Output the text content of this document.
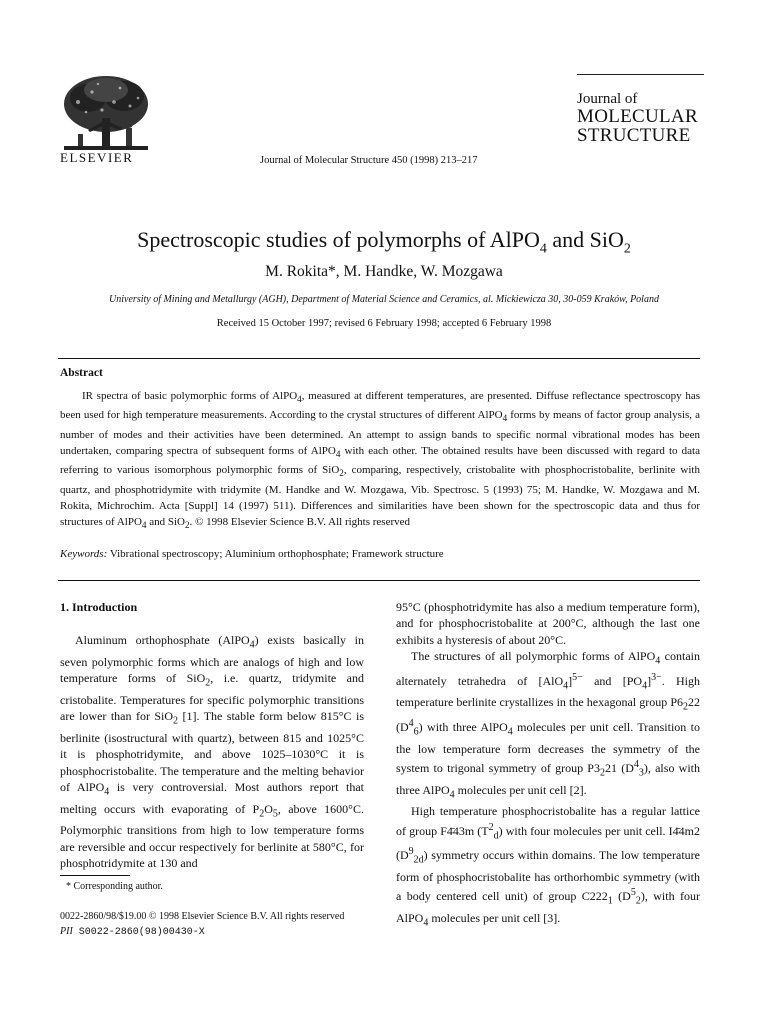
ELSEVIER	Journal of Molecular Structure 450 (1998) 213–217
Journal of
MOLECULAR
STRUCTURE
Spectroscopic studies of polymorphs of AlPO$_4$ and SiO$_2$
M. Rokita*, M. Handke, W. Mozgawa
University of Mining and Metallurgy (AGH), Department of Material Science and Ceramics, al. Mickiewicza 30, 30-059 Kraków, Poland
Received 15 October 1997; revised 6 February 1998; accepted 6 February 1998
Abstract
IR spectra of basic polymorphic forms of AlPO$_4$, measured at different temperatures, are presented. Diffuse reflectance spectroscopy has been used for high temperature measurements. According to the crystal structures of different AlPO$_4$ forms by means of factor group analysis, a number of modes and their activities have been determined. An attempt to assign bands to specific normal vibrational modes has been undertaken, comparing spectra of subsequent forms of AlPO$_4$ with each other. The obtained results have been discussed with regard to data referring to various isomorphous polymorphic forms of SiO$_2$, comparing, respectively, cristobalite with phosphocristobalite, berlinite with quartz, and phosphotridymite with tridymite (M. Handke and W. Mozgawa, Vib. Spectrosc. 5 (1993) 75; M. Handke, W. Mozgawa and M. Rokita, Michrochim. Acta [Suppl] 14 (1997) 511). Differences and similarities have been shown for the spectroscopic data and thus for structures of AlPO$_4$ and SiO$_2$. © 1998 Elsevier Science B.V. All rights reserved
Keywords: Vibrational spectroscopy; Aluminium orthophosphate; Framework structure
1. Introduction

Aluminum orthophosphate (AlPO$_4$) exists basically in seven polymorphic forms which are analogs of high and low temperature forms of SiO$_2$, i.e. quartz, tridymite and cristobalite. Temperatures for specific polymorphic transitions are lower than for SiO$_2$ [1]. The stable form below 815°C is berlinite (isostructural with quartz), between 815 and 1025°C it is phosphotridymite, and above 1025–1030°C it is phosphocristobalite. The temperature and the melting behavior of AlPO$_4$ is very controversial. Most authors report that melting occurs with evaporating of $P_2O_5$, above 1600°C. Polymorphic transitions from high to low temperature forms are reversible and occur respectively for berlinite at 580°C, for phosphotridymite at 130 and

95°C (phosphotridymite has also a medium temperature form), and for phosphocristobalite at 200°C, although the last one exhibits a hysteresis of about 20°C.

The structures of all polymorphic forms of AlPO$_4$ contain alternately tetrahedra of $[AlO_4]^{5-}$ and $[PO_4]^{3-}$. High temperature berlinite crystallizes in the hexagonal group $P6_222$ $(D^4_6)$ with three AlPO$_4$ molecules per unit cell. Transition to the low temperature form decreases the symmetry of the system to trigonal symmetry of group $P3_221$ $(D^4_3)$, also with three AlPO$_4$ molecules per unit cell [2].

High temperature phosphocristobalite has a regular lattice of group F4̄43m $(T^2_d)$ with four molecules per unit cell. I4̄4m2 $(D^9_{2d})$ symmetry occurs within domains. The low temperature form of phosphocristobalite has orthorhombic symmetry (with a body centered cell unit) of group $C222_1$ $(D^5_2)$, with four AlPO$_4$ molecules per unit cell [3].

* Corresponding author.
0022-2860/98/$19.00 © 1998 Elsevier Science B.V. All rights reserved
PII S0022-2860(98)00430-X
